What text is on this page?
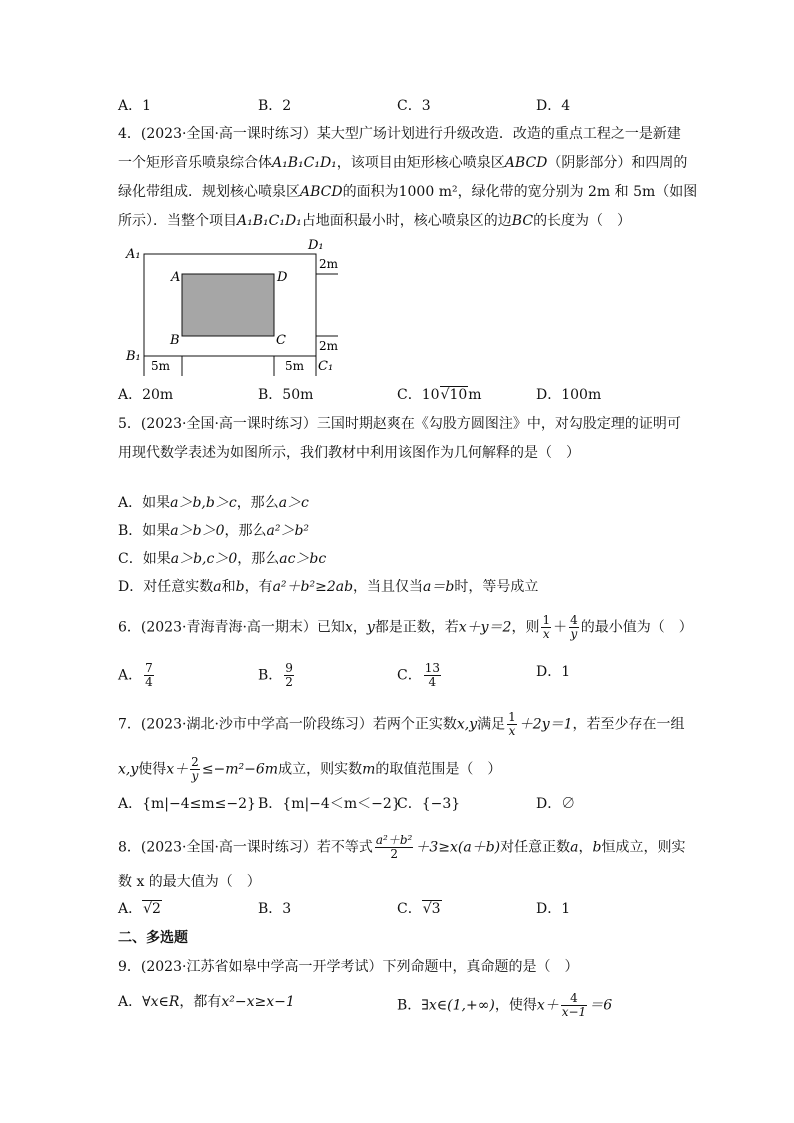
A．1	B．2	C．3	D．4
4．(2023·全国·高一课时练习）某大型广场计划进行升级改造．改造的重点工程之一是新建
一个矩形音乐喷泉综合体A₁B₁C₁D₁，该项目由矩形核心喷泉区ABCD（阴影部分）和四周的
绿化带组成．规划核心喷泉区ABCD的面积为1000 m²，绿化带的宽分别为 2m 和 5m（如图
所示）．当整个项目A₁B₁C₁D₁占地面积最小时，核心喷泉区的边BC的长度为（　）
A₁
D₁
B₁
C₁
A	D
B	C
2m
2m
5m	5m
A．20m	B．50m	C．10√10m	D．100m
5．(2023·全国·高一课时练习）三国时期赵爽在《勾股方圆图注》中，对勾股定理的证明可
用现代数学表述为如图所示，我们教材中利用该图作为几何解释的是（　）
A．如果a＞b,b＞c，那么a＞c
B．如果a＞b＞0，那么a²＞b²
C．如果a＞b,c＞0，那么ac＞bc
D．对任意实数a和b，有a²＋b²≥2ab，当且仅当a＝b时，等号成立
6．(2023·青海青海·高一期末）已知x，y都是正数，若x＋y＝2，则 $\frac{1}{x} + \frac{4}{y}$ 的最小值为（　）
A． $\frac{7}{4}$	B． $\frac{9}{2}$	C． $\frac{13}{4}$	D．1
7．(2023·湖北·沙市中学高一阶段练习）若两个正实数x,y满足 $\frac{1}{x} +2y=1$，若至少存在一组
x,y使得$x+ \frac{2}{y} \le-m^2-6m$成立，则实数m的取值范围是（　）
A．{m|−4≤m≤−2} B．{m|−4＜m＜−2}
C．{−3}	D．∅
8．(2023·全国·高一课时练习）若不等式 $\frac{\text{a²＋b²}}{2} +3\ge x(a+b)$对任意正数a，b恒成立，则实
数 x 的最大值为（　）
A．√2	B．3	C．√3	D．1
二、多选题
9．(2023·江苏省如皋中学高一开学考试）下列命题中，真命题的是（　）
A．∀x∈R，都有x²−x≥x−1	B．∃x∈(1,+∞)，使得$x+ \frac{4}{x-1} =6$
